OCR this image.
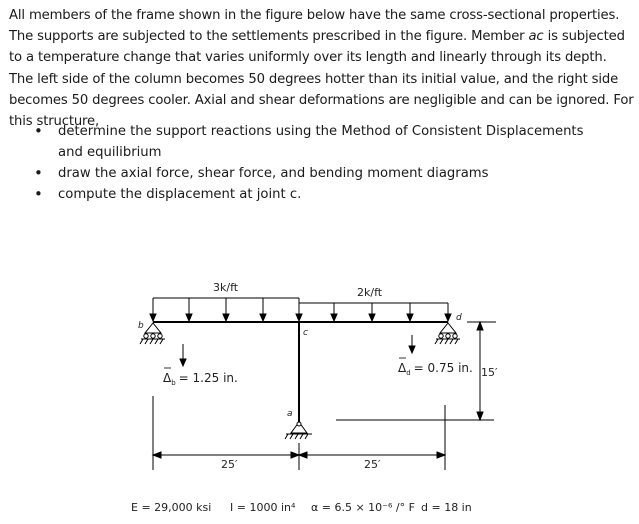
All members of the frame shown in the figure below have the same cross-sectional properties. The supports are subjected to the settlements prescribed in the figure. Member ac is subjected to a temperature change that varies uniformly over its length and linearly through its depth. The left side of the column becomes 50 degrees hotter than its initial value, and the right side becomes 50 degrees cooler. Axial and shear deformations are negligible and can be ignored. For this structure,
• determine the support reactions using the Method of Consistent Displacements and equilibrium
• draw the axial force, shear force, and bending moment diagrams
• compute the displacement at joint c.
3k/ft	2k/ft
b
d
a
c
$\Delta_b = 1.25$ in.
$\Delta_d = 0.75$ in. 15′
25′	25′
E = 29,000 ksi I = 1000 in⁴ α = 6.5 × 10⁻⁶ /° F d = 18 in
